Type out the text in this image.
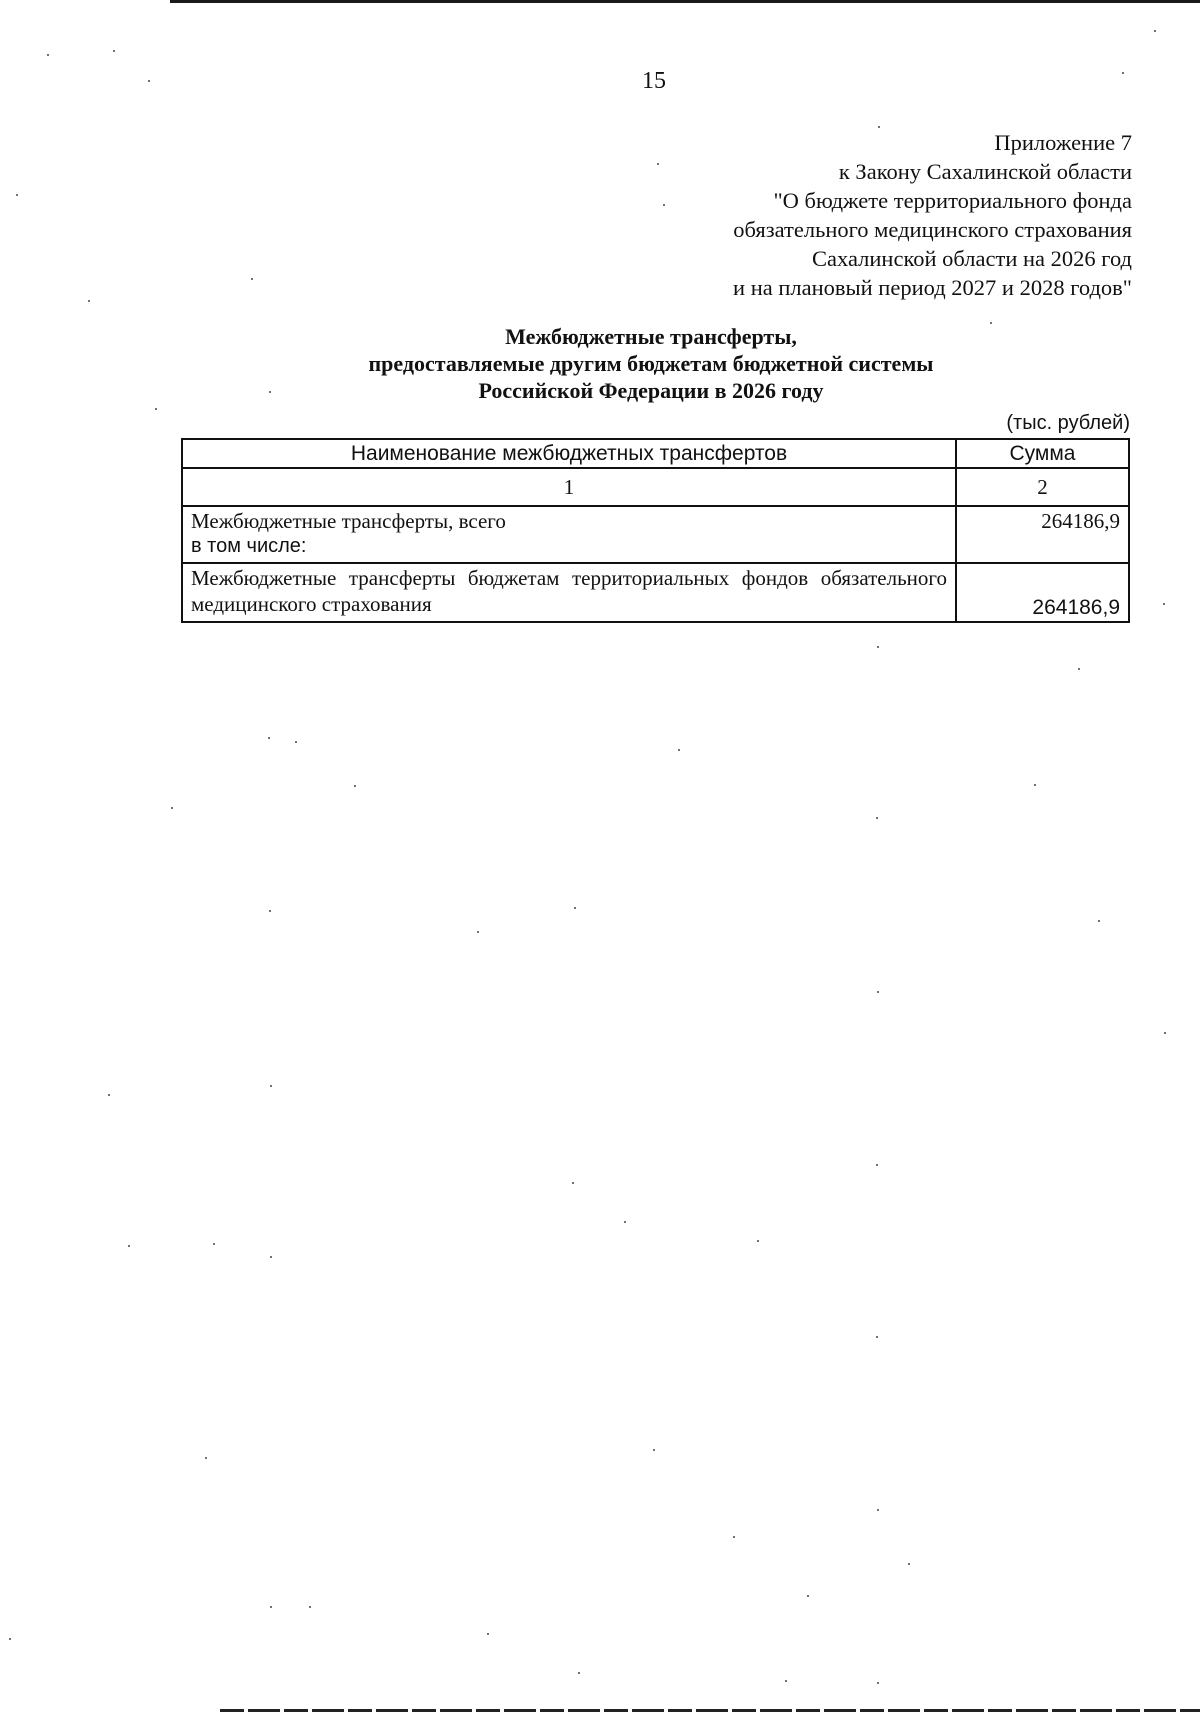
15
Приложение 7
к Закону Сахалинской области
"О бюджете территориального фонда
обязательного медицинского страхования
Сахалинской области на 2026 год
и на плановый период 2027 и 2028 годов"
Межбюджетные трансферты,
предоставляемые другим бюджетам бюджетной системы
Российской Федерации в 2026 году
(тыс. рублей)
Наименование межбюджетных трансфертов	Сумма
1	2

Межбюджетные трансферты, всего
в том числе:	264186,9
Межбюджетные трансферты бюджетам территориальных фондов обязательного медицинского страхования	264186,9
